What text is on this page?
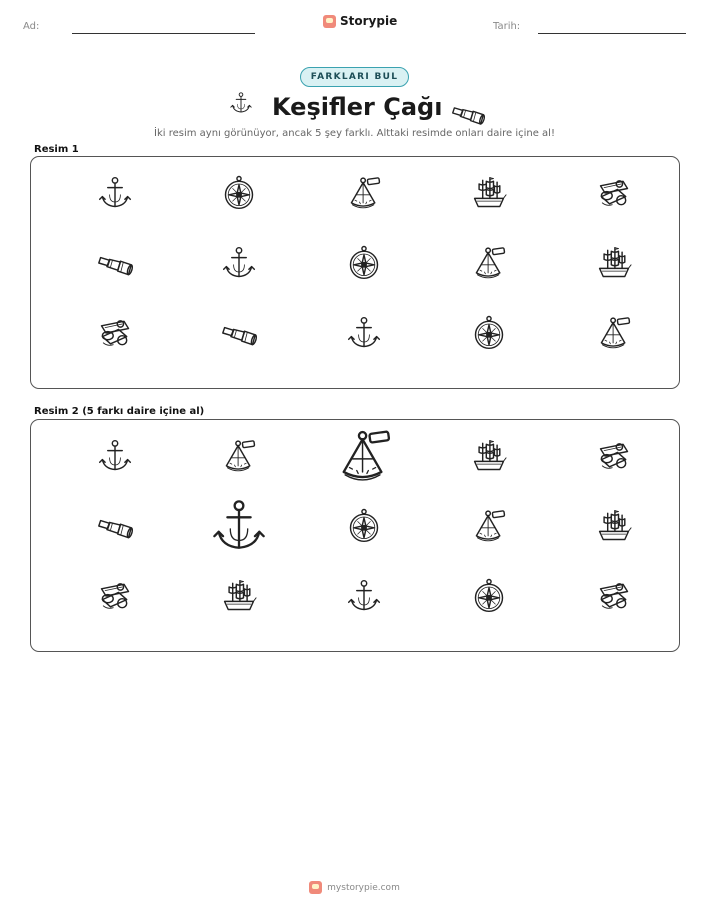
Ad:	Storypie	Tarih:
FARKLARI BUL
Keşifler Çağı
İki resim aynı görünüyor, ancak 5 şey farklı. Alttaki resimde onları daire içine al!
Resim 1
Resim 2 (5 farkı daire içine al)
mystorypie.com
